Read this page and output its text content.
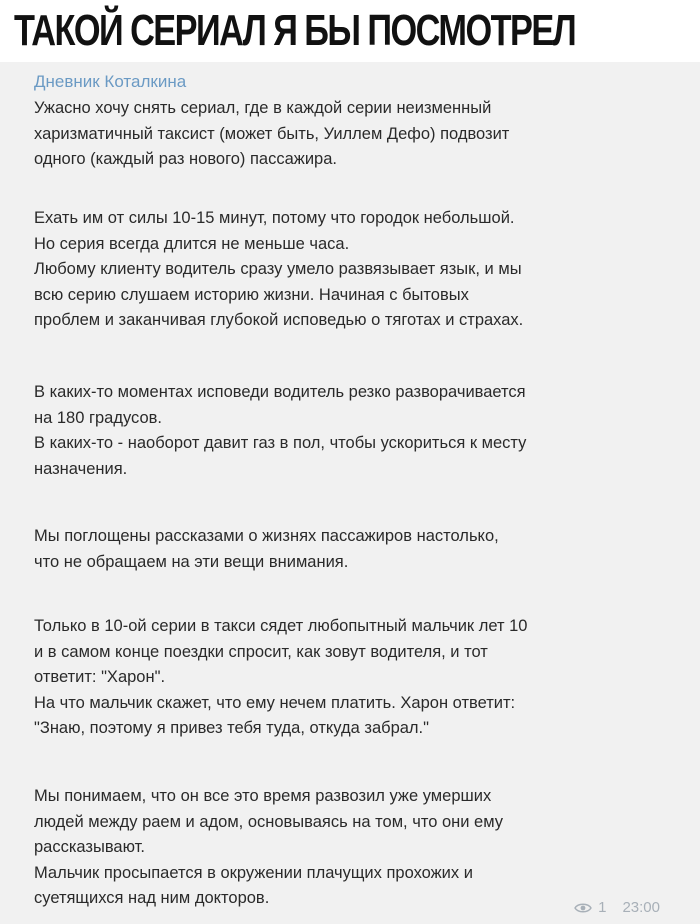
ТАКОЙ СЕРИАЛ Я БЫ ПОСМОТРЕЛ
Дневник Коталкина

Ужасно хочу снять сериал, где в каждой серии неизменный
харизматичный таксист (может быть, Уиллем Дефо) подвозит
одного (каждый раз нового) пассажира.

Ехать им от силы 10-15 минут, потому что городок небольшой.
Но серия всегда длится не меньше часа.
Любому клиенту водитель сразу умело развязывает язык, и мы
всю серию слушаем историю жизни. Начиная с бытовых
проблем и заканчивая глубокой исповедью о тяготах и страхах.

В каких-то моментах исповеди водитель резко разворачивается
на 180 градусов.
В каких-то - наоборот давит газ в пол, чтобы ускориться к месту
назначения.

Мы поглощены рассказами о жизнях пассажиров настолько,
что не обращаем на эти вещи внимания.

Только в 10-ой серии в такси сядет любопытный мальчик лет 10
и в самом конце поездки спросит, как зовут водителя, и тот
ответит: "Харон".
На что мальчик скажет, что ему нечем платить. Харон ответит:
"Знаю, поэтому я привез тебя туда, откуда забрал."

Мы понимаем, что он все это время развозил уже умерших
людей между раем и адом, основываясь на том, что они ему
рассказывают.
Мальчик просыпается в окружении плачущих прохожих и
суетящихся над ним докторов.

1 23:00
